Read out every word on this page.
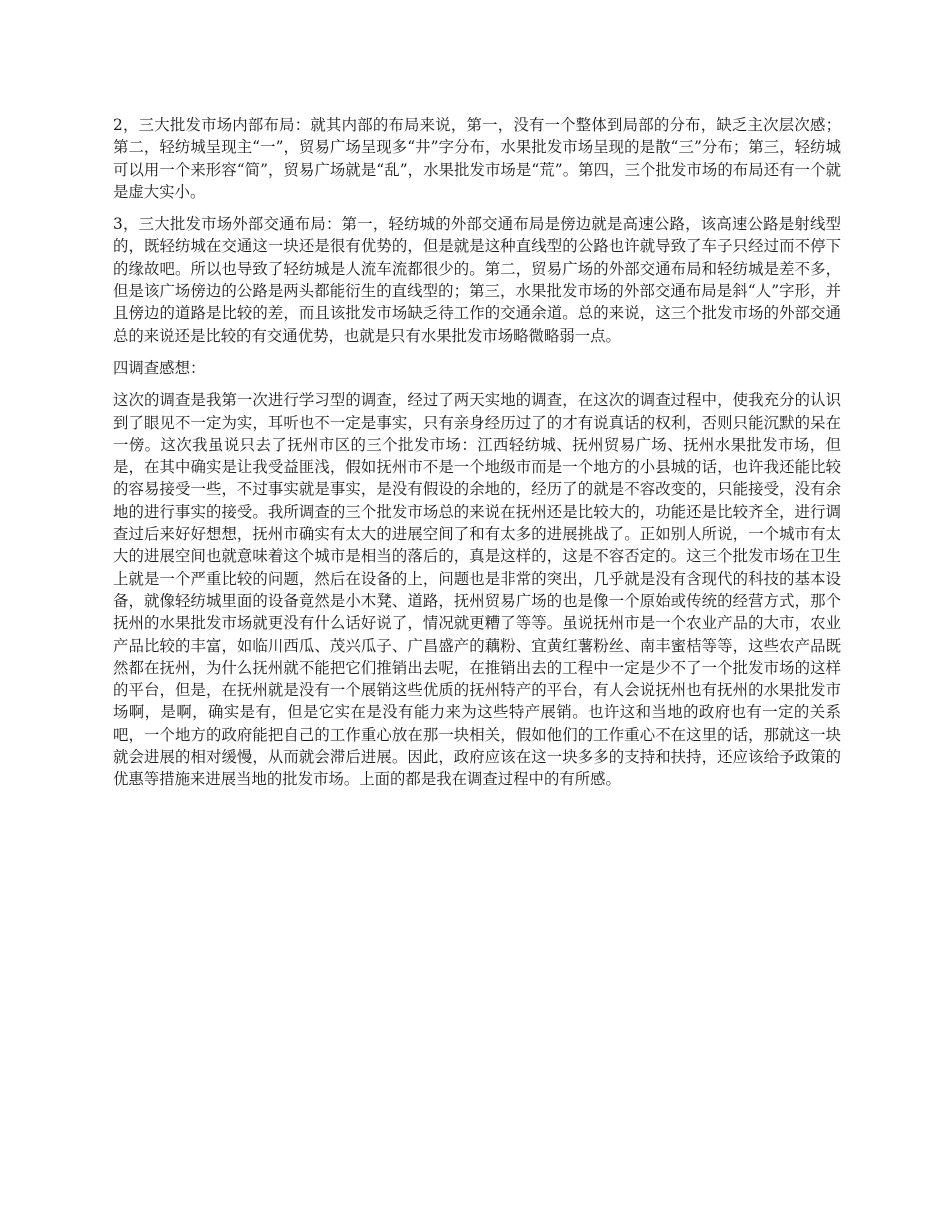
2，三大批发市场内部布局：就其内部的布局来说，第一，没有一个整体到局部的分布，缺乏主次层次感；第二，轻纺城呈现主“一”，贸易广场呈现多“井”字分布，水果批发市场呈现的是散“三”分布；第三，轻纺城可以用一个来形容“简”，贸易广场就是“乱”，水果批发市场是“荒”。第四，三个批发市场的布局还有一个就是虚大实小。

3，三大批发市场外部交通布局：第一，轻纺城的外部交通布局是傍边就是高速公路，该高速公路是射线型的，既轻纺城在交通这一块还是很有优势的，但是就是这种直线型的公路也许就导致了车子只经过而不停下的缘故吧。所以也导致了轻纺城是人流车流都很少的。第二，贸易广场的外部交通布局和轻纺城是差不多，但是该广场傍边的公路是两头都能衍生的直线型的；第三，水果批发市场的外部交通布局是斜“人”字形，并且傍边的道路是比较的差，而且该批发市场缺乏待工作的交通余道。总的来说，这三个批发市场的外部交通总的来说还是比较的有交通优势，也就是只有水果批发市场略微略弱一点。

四调查感想：

这次的调查是我第一次进行学习型的调查，经过了两天实地的调查，在这次的调查过程中，使我充分的认识到了眼见不一定为实，耳听也不一定是事实，只有亲身经历过了的才有说真话的权利，否则只能沉默的呆在一傍。这次我虽说只去了抚州市区的三个批发市场：江西轻纺城、抚州贸易广场、抚州水果批发市场，但是，在其中确实是让我受益匪浅，假如抚州市不是一个地级市而是一个地方的小县城的话，也许我还能比较的容易接受一些，不过事实就是事实，是没有假设的余地的，经历了的就是不容改变的，只能接受，没有余地的进行事实的接受。我所调查的三个批发市场总的来说在抚州还是比较大的，功能还是比较齐全，进行调查过后来好好想想，抚州市确实有太大的进展空间了和有太多的进展挑战了。正如别人所说，一个城市有太大的进展空间也就意味着这个城市是相当的落后的，真是这样的，这是不容否定的。这三个批发市场在卫生上就是一个严重比较的问题，然后在设备的上，问题也是非常的突出，几乎就是没有含现代的科技的基本设备，就像轻纺城里面的设备竟然是小木凳、道路，抚州贸易广场的也是像一个原始或传统的经营方式，那个抚州的水果批发市场就更没有什么话好说了，情况就更糟了等等。虽说抚州市是一个农业产品的大市，农业产品比较的丰富，如临川西瓜、茂兴瓜子、广昌盛产的藕粉、宜黄红薯粉丝、南丰蜜桔等等，这些农产品既然都在抚州，为什么抚州就不能把它们推销出去呢，在推销出去的工程中一定是少不了一个批发市场的这样的平台，但是，在抚州就是没有一个展销这些优质的抚州特产的平台，有人会说抚州也有抚州的水果批发市场啊，是啊，确实是有，但是它实在是没有能力来为这些特产展销。也许这和当地的政府也有一定的关系吧，一个地方的政府能把自己的工作重心放在那一块相关，假如他们的工作重心不在这里的话，那就这一块就会进展的相对缓慢，从而就会滞后进展。因此，政府应该在这一块多多的支持和扶持，还应该给予政策的优惠等措施来进展当地的批发市场。上面的都是我在调查过程中的有所感。
